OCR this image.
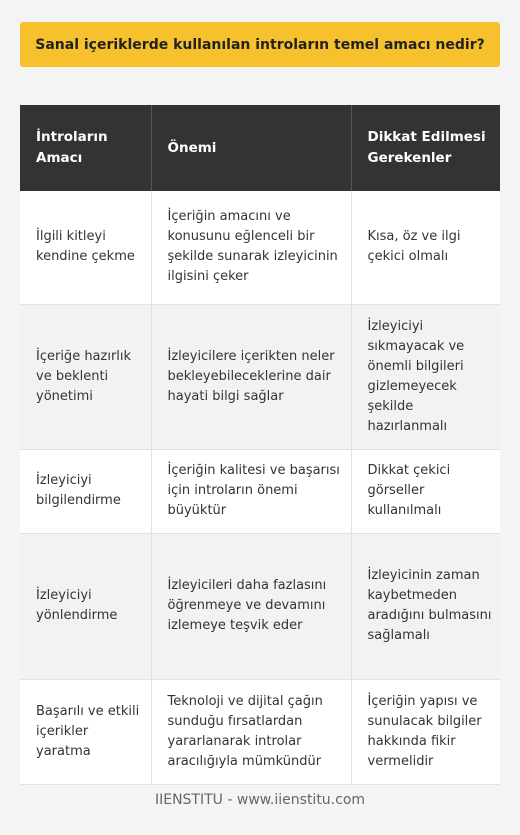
Sanal içeriklerde kullanılan introların temel amacı nedir?
İntroların Amacı	Önemi	Dikkat Edilmesi Gerekenler
İlgili kitleyi kendine çekme	İçeriğin amacını ve konusunu eğlenceli bir şekilde sunarak izleyicinin ilgisini çeker	Kısa, öz ve ilgi çekici olmalı
İçeriğe hazırlık ve beklenti yönetimi	İzleyicilere içerikten neler bekleyebileceklerine dair hayati bilgi sağlar	İzleyiciyi sıkmayacak ve önemli bilgileri gizlemeyecek şekilde hazırlanmalı
İzleyiciyi bilgilendirme	İçeriğin kalitesi ve başarısı için introların önemi büyüktür	Dikkat çekici görseller kullanılmalı
İzleyiciyi yönlendirme	İzleyicileri daha fazlasını öğrenmeye ve devamını izlemeye teşvik eder	İzleyicinin zaman kaybetmeden aradığını bulmasını sağlamalı
Başarılı ve etkili içerikler yaratma	Teknoloji ve dijital çağın sunduğu fırsatlardan yararlanarak introlar aracılığıyla mümkündür	İçeriğin yapısı ve sunulacak bilgiler hakkında fikir vermelidir
IIENSTITU - www.iienstitu.com
